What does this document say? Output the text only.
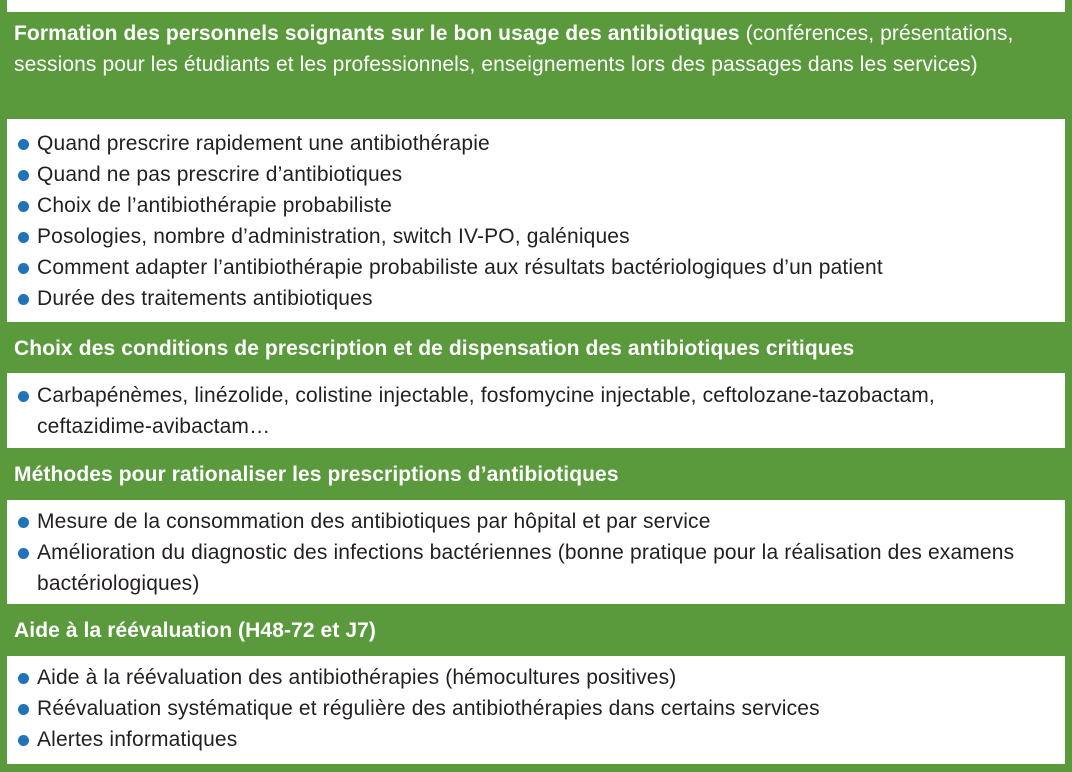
Formation des personnels soignants sur le bon usage des antibiotiques (conférences, présentations, sessions pour les étudiants et les professionnels, enseignements lors des passages dans les services)
Quand prescrire rapidement une antibiothérapie
Quand ne pas prescrire d’antibiotiques
Choix de l’antibiothérapie probabiliste
Posologies, nombre d’administration, switch IV-PO, galéniques
Comment adapter l’antibiothérapie probabiliste aux résultats bactériologiques d’un patient
Durée des traitements antibiotiques
Choix des conditions de prescription et de dispensation des antibiotiques critiques
Carbapénèmes, linézolide, colistine injectable, fosfomycine injectable, ceftolozane-tazobactam, ceftazidime-avibactam…
Méthodes pour rationaliser les prescriptions d’antibiotiques
Mesure de la consommation des antibiotiques par hôpital et par service
Amélioration du diagnostic des infections bactériennes (bonne pratique pour la réalisation des examens bactériologiques)
Aide à la réévaluation (H48-72 et J7)
Aide à la réévaluation des antibiothérapies (hémocultures positives)
Réévaluation systématique et régulière des antibiothérapies dans certains services
Alertes informatiques
